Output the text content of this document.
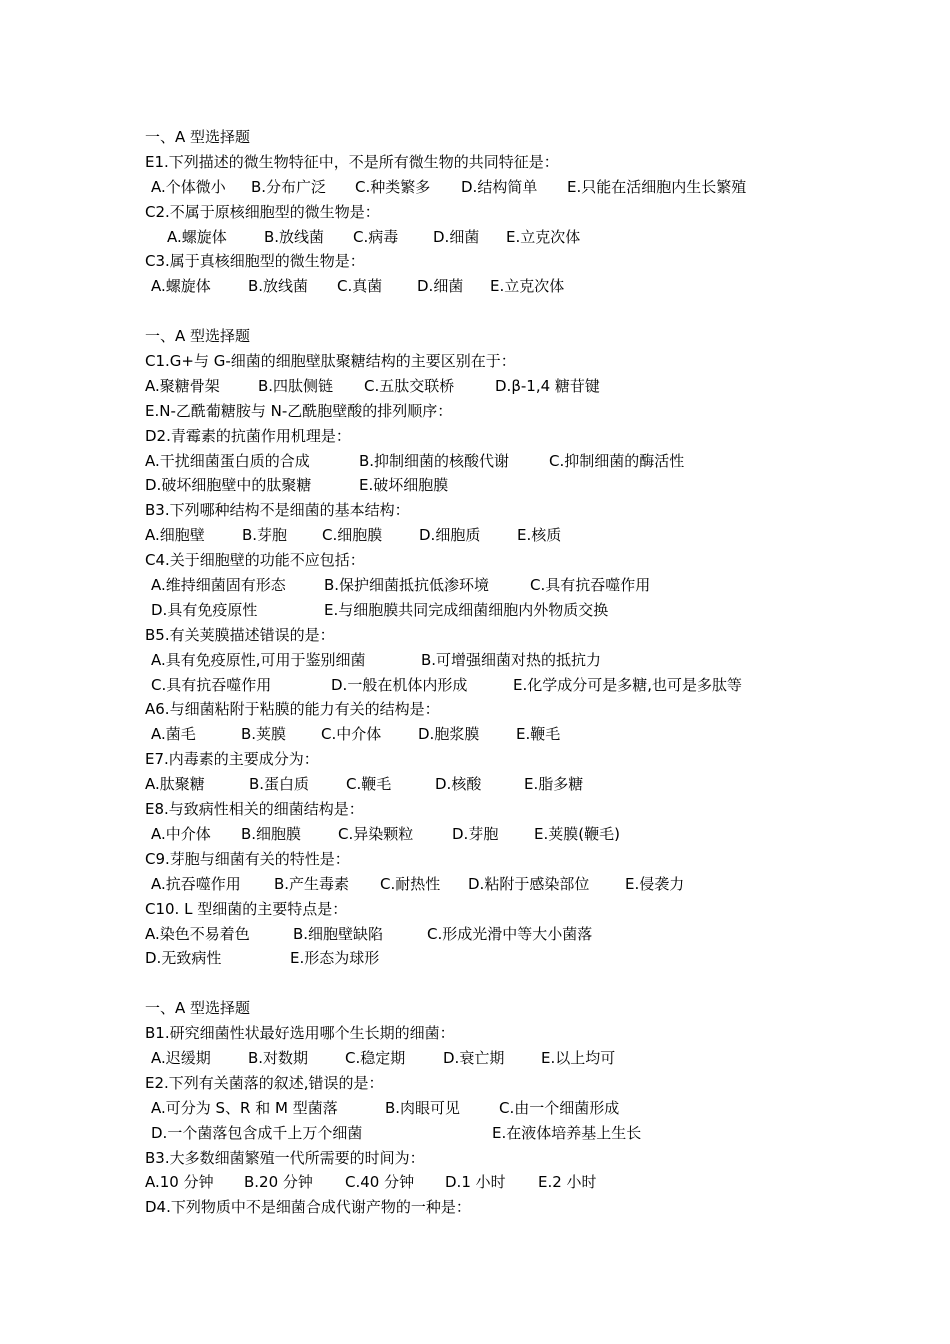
一、A 型选择题
E1.下列描述的微生物特征中，不是所有微生物的共同特征是：
A.个体微小 B.分布广泛 C.种类繁多 D.结构简单 E.只能在活细胞内生长繁殖
C2.不属于原核细胞型的微生物是：
A.螺旋体 B.放线菌 C.病毒 D.细菌 E.立克次体
C3.属于真核细胞型的微生物是：
A.螺旋体 B.放线菌 C.真菌 D.细菌 E.立克次体
一、A 型选择题
C1.G+与 G-细菌的细胞壁肽聚糖结构的主要区别在于：
A.聚糖骨架	B.四肽侧链 C.五肽交联桥	D.β-1,4 糖苷键
E.N-乙酰葡糖胺与 N-乙酰胞壁酸的排列顺序：
D2.青霉素的抗菌作用机理是：
A.干扰细菌蛋白质的合成	B.抑制细菌的核酸代谢	C.抑制细菌的酶活性
D.破坏细胞壁中的肽聚糖	E.破坏细胞膜
B3.下列哪种结构不是细菌的基本结构：
A.细胞壁 B.芽胞 C.细胞膜 D.细胞质 E.核质
C4.关于细胞壁的功能不应包括：
A.维持细菌固有形态	B.保护细菌抵抗低渗环境	C.具有抗吞噬作用
D.具有免疫原性	E.与细胞膜共同完成细菌细胞内外物质交换
B5.有关荚膜描述错误的是：
A.具有免疫原性,可用于鉴别细菌	B.可增强细菌对热的抵抗力
C.具有抗吞噬作用	D.一般在机体内形成	E.化学成分可是多糖,也可是多肽等
A6.与细菌粘附于粘膜的能力有关的结构是：
A.菌毛	B.荚膜 C.中介体 D.胞浆膜 E.鞭毛
E7.内毒素的主要成分为：
A.肽聚糖	B.蛋白质 C.鞭毛	D.核酸	E.脂多糖
E8.与致病性相关的细菌结构是：
A.中介体 B.细胞膜 C.异染颗粒	D.芽胞 E.荚膜(鞭毛)
C9.芽胞与细菌有关的特性是：
A.抗吞噬作用 B.产生毒素 C.耐热性 D.粘附于感染部位 E.侵袭力
C10. L 型细菌的主要特点是：
A.染色不易着色	B.细胞壁缺陷	C.形成光滑中等大小菌落
D.无致病性	E.形态为球形
一、A 型选择题
B1.研究细菌性状最好选用哪个生长期的细菌：
A.迟缓期 B.对数期 C.稳定期	D.衰亡期 E.以上均可
E2.下列有关菌落的叙述,错误的是：
A.可分为 S、R 和 M 型菌落	B.肉眼可见	C.由一个细菌形成
D.一个菌落包含成千上万个细菌	E.在液体培养基上生长
B3.大多数细菌繁殖一代所需要的时间为：
A.10 分钟 B.20 分钟 C.40 分钟 D.1 小时 E.2 小时
D4.下列物质中不是细菌合成代谢产物的一种是：
